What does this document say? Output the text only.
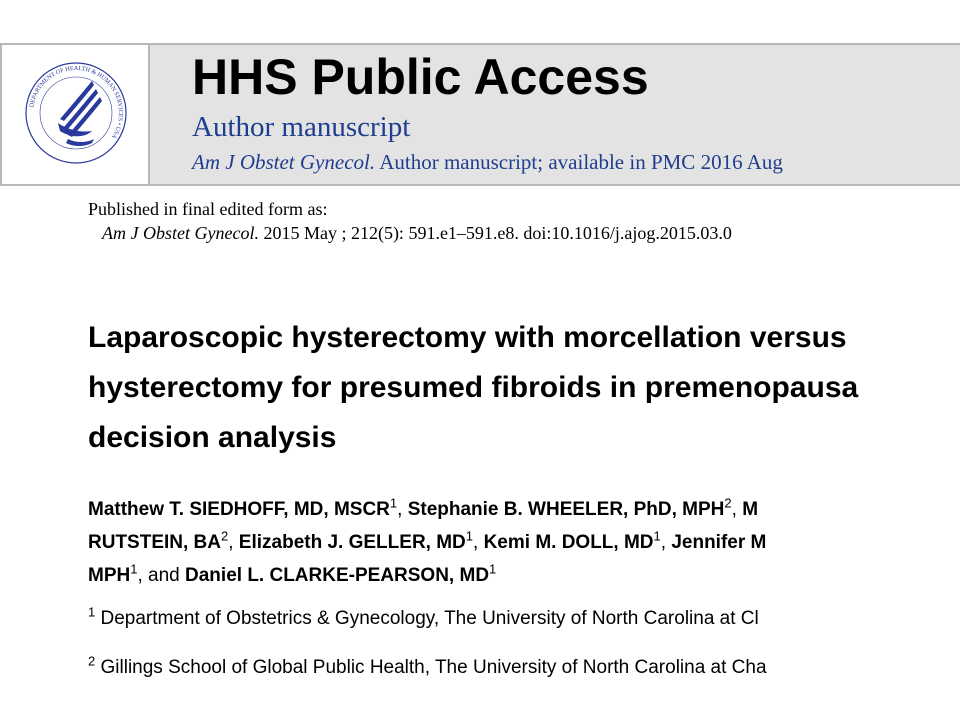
DEPARTMENT OF HEALTH & HUMAN SERVICES • USA
HHS Public Access
Author manuscript
Am J Obstet Gynecol. Author manuscript; available in PMC 2016 Aug
Published in final edited form as:
Am J Obstet Gynecol. 2015 May ; 212(5): 591.e1–591.e8. doi:10.1016/j.ajog.2015.03.0
Laparoscopic hysterectomy with morcellation versus
hysterectomy for presumed fibroids in premenopausa
decision analysis
Matthew T. SIEDHOFF, MD, MSCR$^1$, Stephanie B. WHEELER, PhD, MPH$^2$, M
RUTSTEIN, $BA^2$, Elizabeth J. GELLER, $MD^1$, Kemi M. DOLL, $MD^1$, Jennifer M
MPH$^1$, and Daniel L. CLARKE-PEARSON, $MD^1$
$^1$ Department of Obstetrics & Gynecology, The University of North Carolina at Cl
$^2$ Gillings School of Global Public Health, The University of North Carolina at Cha
